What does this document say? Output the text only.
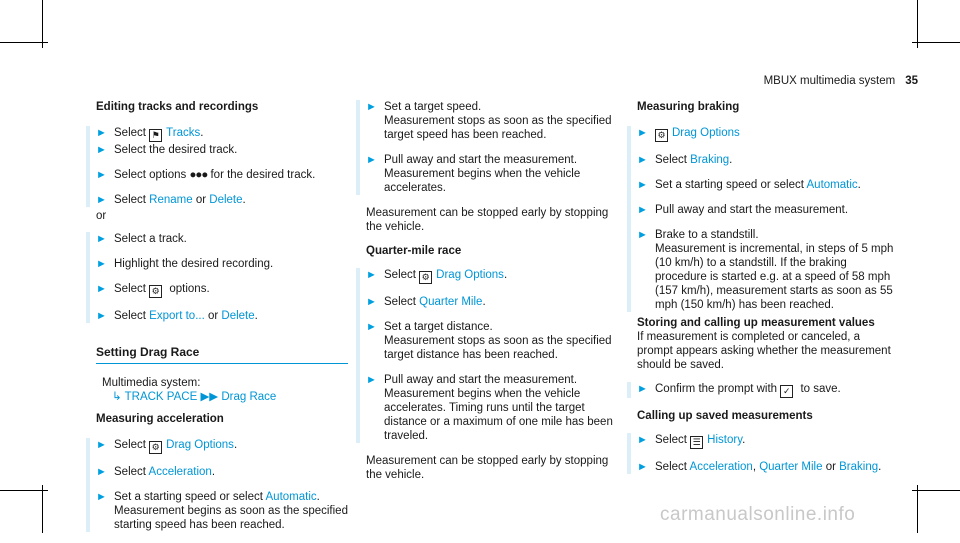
MBUX multimedia system 35
Editing tracks and recordings
► Select ⚑ Tracks.
► Select the desired track.
► Select options ●●● for the desired track.
► Select Rename or Delete.
or
► Select a track.
► Highlight the desired recording.
► Select ⚙ options.
► Select Export to... or Delete.
Setting Drag Race
Multimedia system:
↳ TRACK PACE ▶▶ Drag Race
Measuring acceleration
► Select ⚙ Drag Options.
► Select Acceleration.
► Set a starting speed or select Automatic.
Measurement begins as soon as the specified starting speed has been reached.
► Set a target speed.
Measurement stops as soon as the specified target speed has been reached.
► Pull away and start the measurement.
Measurement begins when the vehicle accelerates.
Measurement can be stopped early by stopping the vehicle.
Quarter-mile race
► Select ⚙ Drag Options.
► Select Quarter Mile.
► Set a target distance.
Measurement stops as soon as the specified target distance has been reached.
► Pull away and start the measurement.
Measurement begins when the vehicle accelerates. Timing runs until the target distance or a maximum of one mile has been traveled.
Measurement can be stopped early by stopping the vehicle.
Measuring braking
► ⚙ Drag Options
► Select Braking.
► Set a starting speed or select Automatic.
► Pull away and start the measurement.
► Brake to a standstill.
Measurement is incremental, in steps of 5 mph (10 km/h) to a standstill. If the braking procedure is started e.g. at a speed of 58 mph (157 km/h), measurement starts as soon as 55 mph (150 km/h) has been reached.
Storing and calling up measurement values
If measurement is completed or canceled, a prompt appears asking whether the measurement should be saved.
► Confirm the prompt with ✓ to save.
Calling up saved measurements
► Select ☰ History.
► Select Acceleration, Quarter Mile or Braking.
carmanualsonline.info
